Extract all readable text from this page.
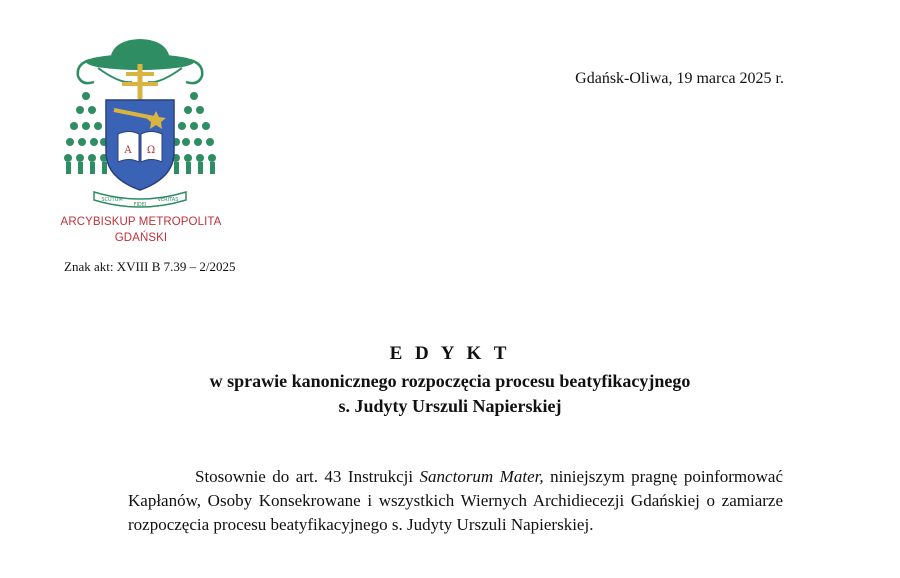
A Ω
SCUTUM
FIDEI
VERITAS
ARCYBISKUP METROPOLITA
GDAŃSKI
Znak akt: XVIII B 7.39 – 2/2025
Gdańsk-Oliwa, 19 marca 2025 r.
E D Y K T
w sprawie kanonicznego rozpoczęcia procesu beatyfikacyjnego
s. Judyty Urszuli Napierskiej

Stosownie do art. 43 Instrukcji Sanctorum Mater, niniejszym pragnę poinformować Kapłanów, Osoby Konsekrowane i wszystkich Wiernych Archidiecezji Gdańskiej o zamiarze rozpoczęcia procesu beatyfikacyjnego s. Judyty Urszuli Napierskiej.
